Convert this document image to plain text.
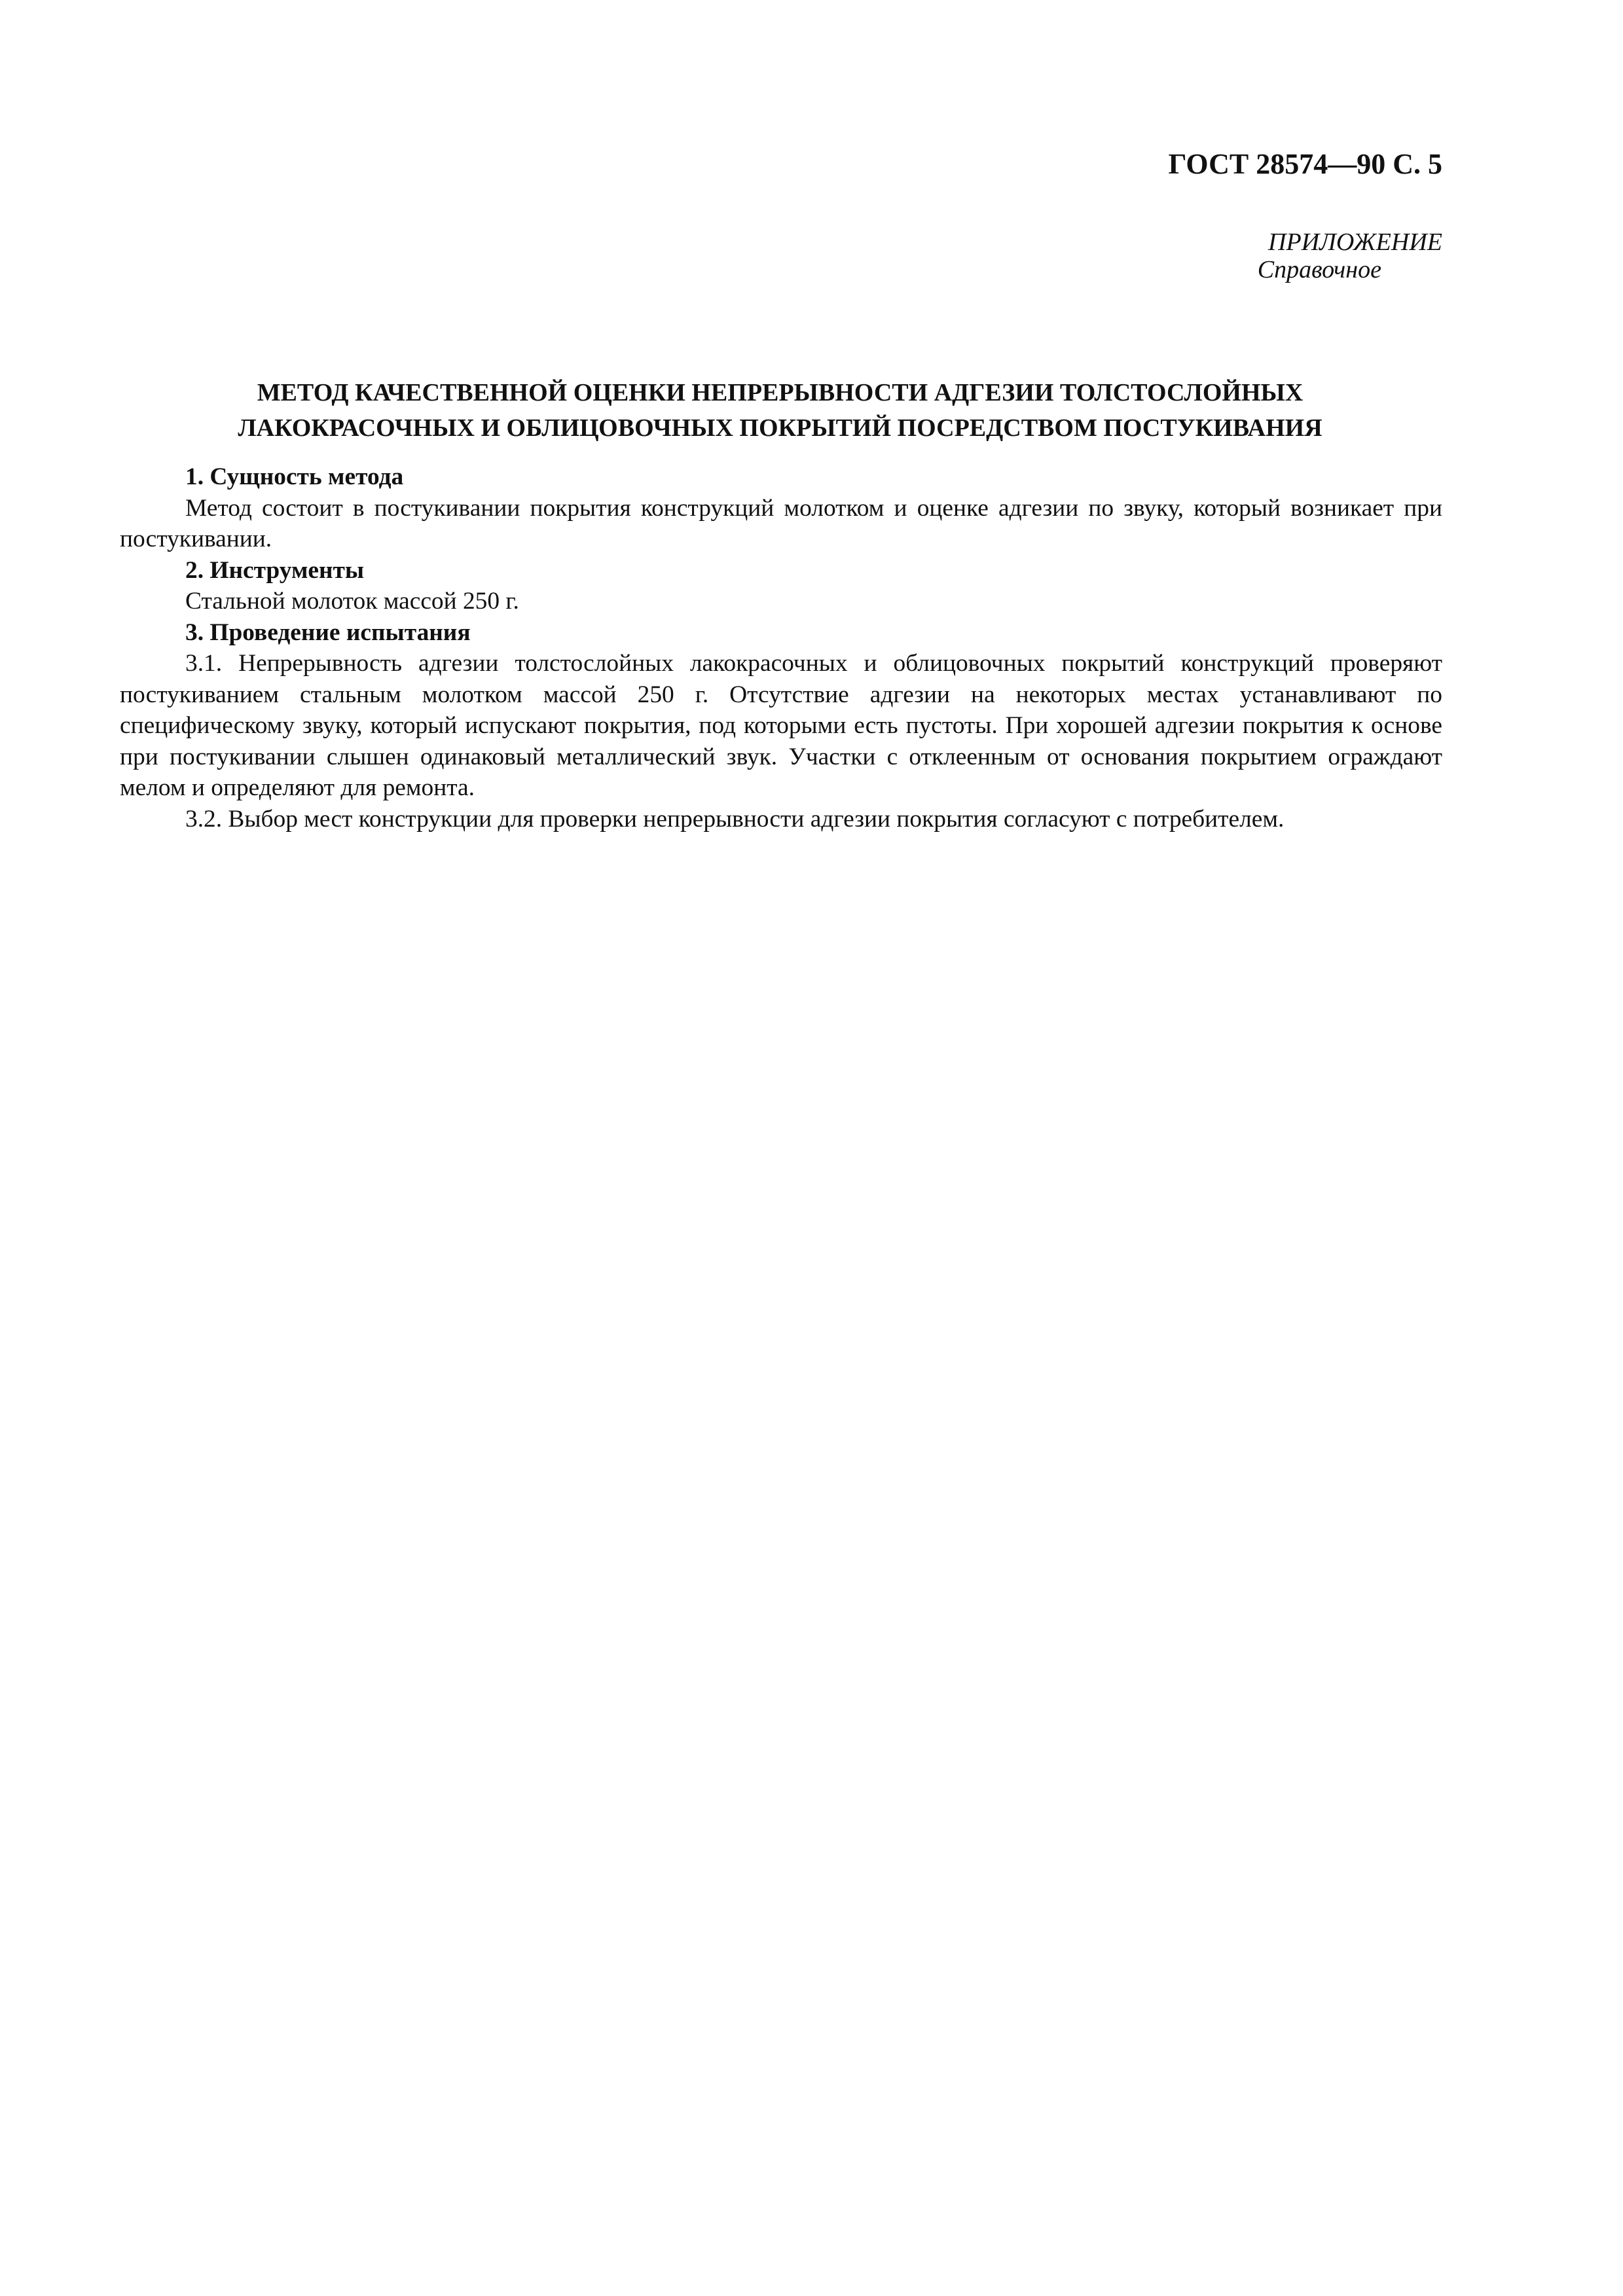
ГОСТ 28574—90 С. 5
ПРИЛОЖЕНИЕ
Справочное
МЕТОД КАЧЕСТВЕННОЙ ОЦЕНКИ НЕПРЕРЫВНОСТИ АДГЕЗИИ ТОЛСТОСЛОЙНЫХ
ЛАКОКРАСОЧНЫХ И ОБЛИЦОВОЧНЫХ ПОКРЫТИЙ ПОСРЕДСТВОМ ПОСТУКИВАНИЯ

1. Сущность метода

Метод состоит в постукивании покрытия конструкций молотком и оценке адгезии по звуку, который возникает при постукивании.

2. Инструменты

Стальной молоток массой 250 г.

3. Проведение испытания

3.1. Непрерывность адгезии толстослойных лакокрасочных и облицовочных покрытий конструкций проверяют постукиванием стальным молотком массой 250 г. Отсутствие адгезии на некоторых местах устанавливают по специфическому звуку, который испускают покрытия, под которыми есть пустоты. При хорошей адгезии покрытия к основе при постукивании слышен одинаковый металлический звук. Участки с отклеенным от основания покрытием ограждают мелом и определяют для ремонта.

3.2. Выбор мест конструкции для проверки непрерывности адгезии покрытия согласуют с потребителем.
